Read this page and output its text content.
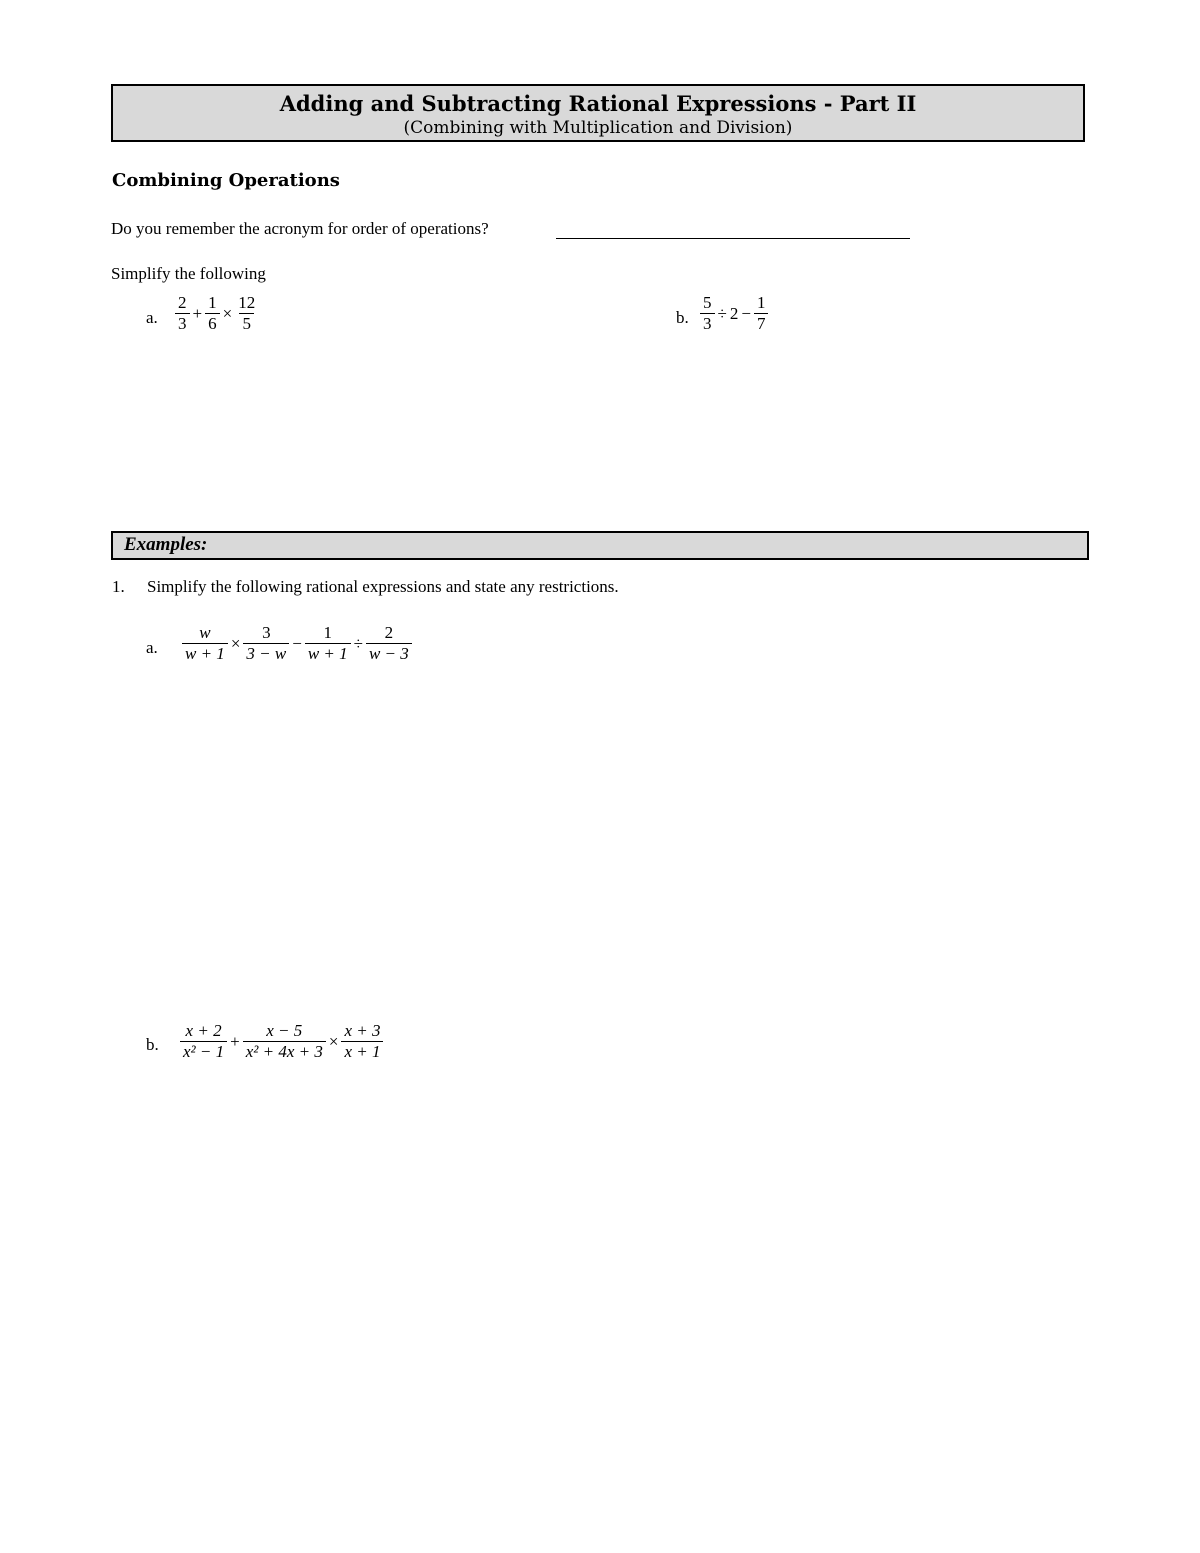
Adding and Subtracting Rational Expressions - Part II
(Combining with Multiplication and Division)
Combining Operations
Do you remember the acronym for order of operations?
Simplify the following
a. $\frac{2}{3} + \frac{1}{6} \times \frac{12}{5}$	b. $\frac{5}{3} \div 2 - \frac{1}{7}$
Examples:
1. Simplify the following rational expressions and state any restrictions.
a. $\frac{w}{w + 1} \times \frac{3}{3 - w} - \frac{1}{w + 1} \div \frac{2}{w - 3}$
b. $\frac{x + 2}{\text{x² − 1}} + \frac{x - 5}{\text{x² + 4x + 3}} \times \frac{x + 3}{x + 1}$
